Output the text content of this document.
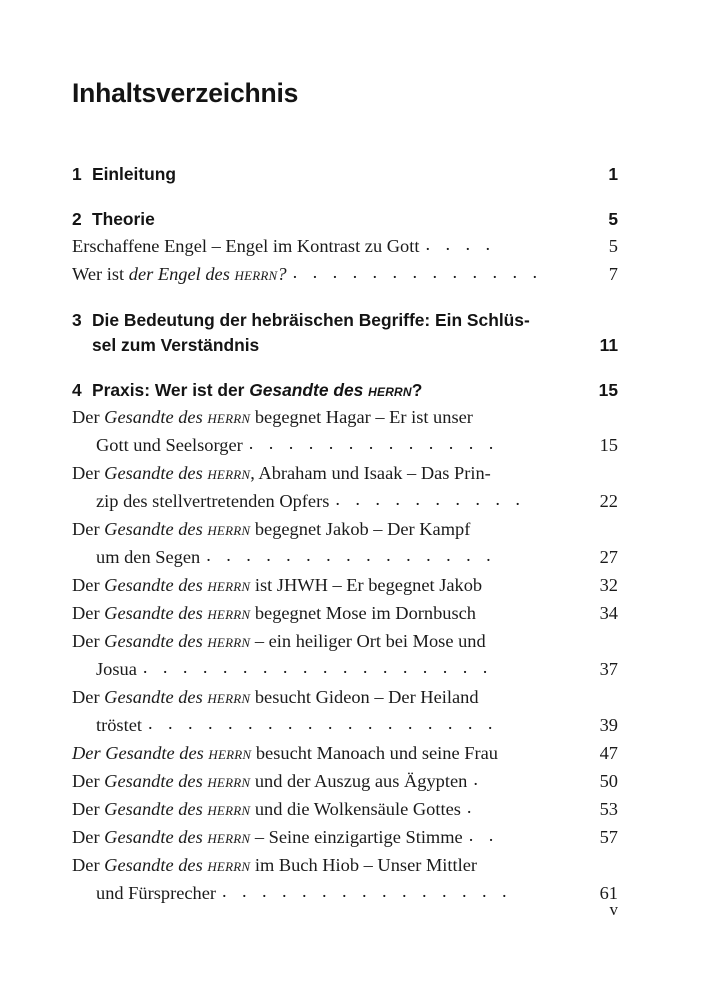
Inhaltsverzeichnis
1 Einleitung	1
2 Theorie	5
Erschaffene Engel – Engel im Kontrast zu Gott . . . .	5
Wer ist der Engel des herrn? . . . . . . . . . . . . .	7
3 Die Bedeutung der hebräischen Begriffe: Ein Schlüs-
sel zum Verständnis	11
4 Praxis: Wer ist der Gesandte des herrn?	15
Der Gesandte des herrn begegnet Hagar – Er ist unser
Gott und Seelsorger . . . . . . . . . . . . .	15
Der Gesandte des herrn, Abraham und Isaak – Das Prin-
zip des stellvertretenden Opfers . . . . . . . . . .	22
Der Gesandte des herrn begegnet Jakob – Der Kampf
um den Segen . . . . . . . . . . . . . . .	27
Der Gesandte des herrn ist JHWH – Er begegnet Jakob	32
Der Gesandte des herrn begegnet Mose im Dornbusch	34
Der Gesandte des herrn – ein heiliger Ort bei Mose und
Josua . . . . . . . . . . . . . . . . . .	37
Der Gesandte des herrn besucht Gideon – Der Heiland
tröstet . . . . . . . . . . . . . . . . . .	39
Der Gesandte des herrn besucht Manoach und seine Frau	47
Der Gesandte des herrn und der Auszug aus Ägypten .	50
Der Gesandte des herrn und die Wolkensäule Gottes .	53
Der Gesandte des herrn – Seine einzigartige Stimme . .	57
Der Gesandte des herrn im Buch Hiob – Unser Mittler
und Fürsprecher . . . . . . . . . . . . . . .	61
v
